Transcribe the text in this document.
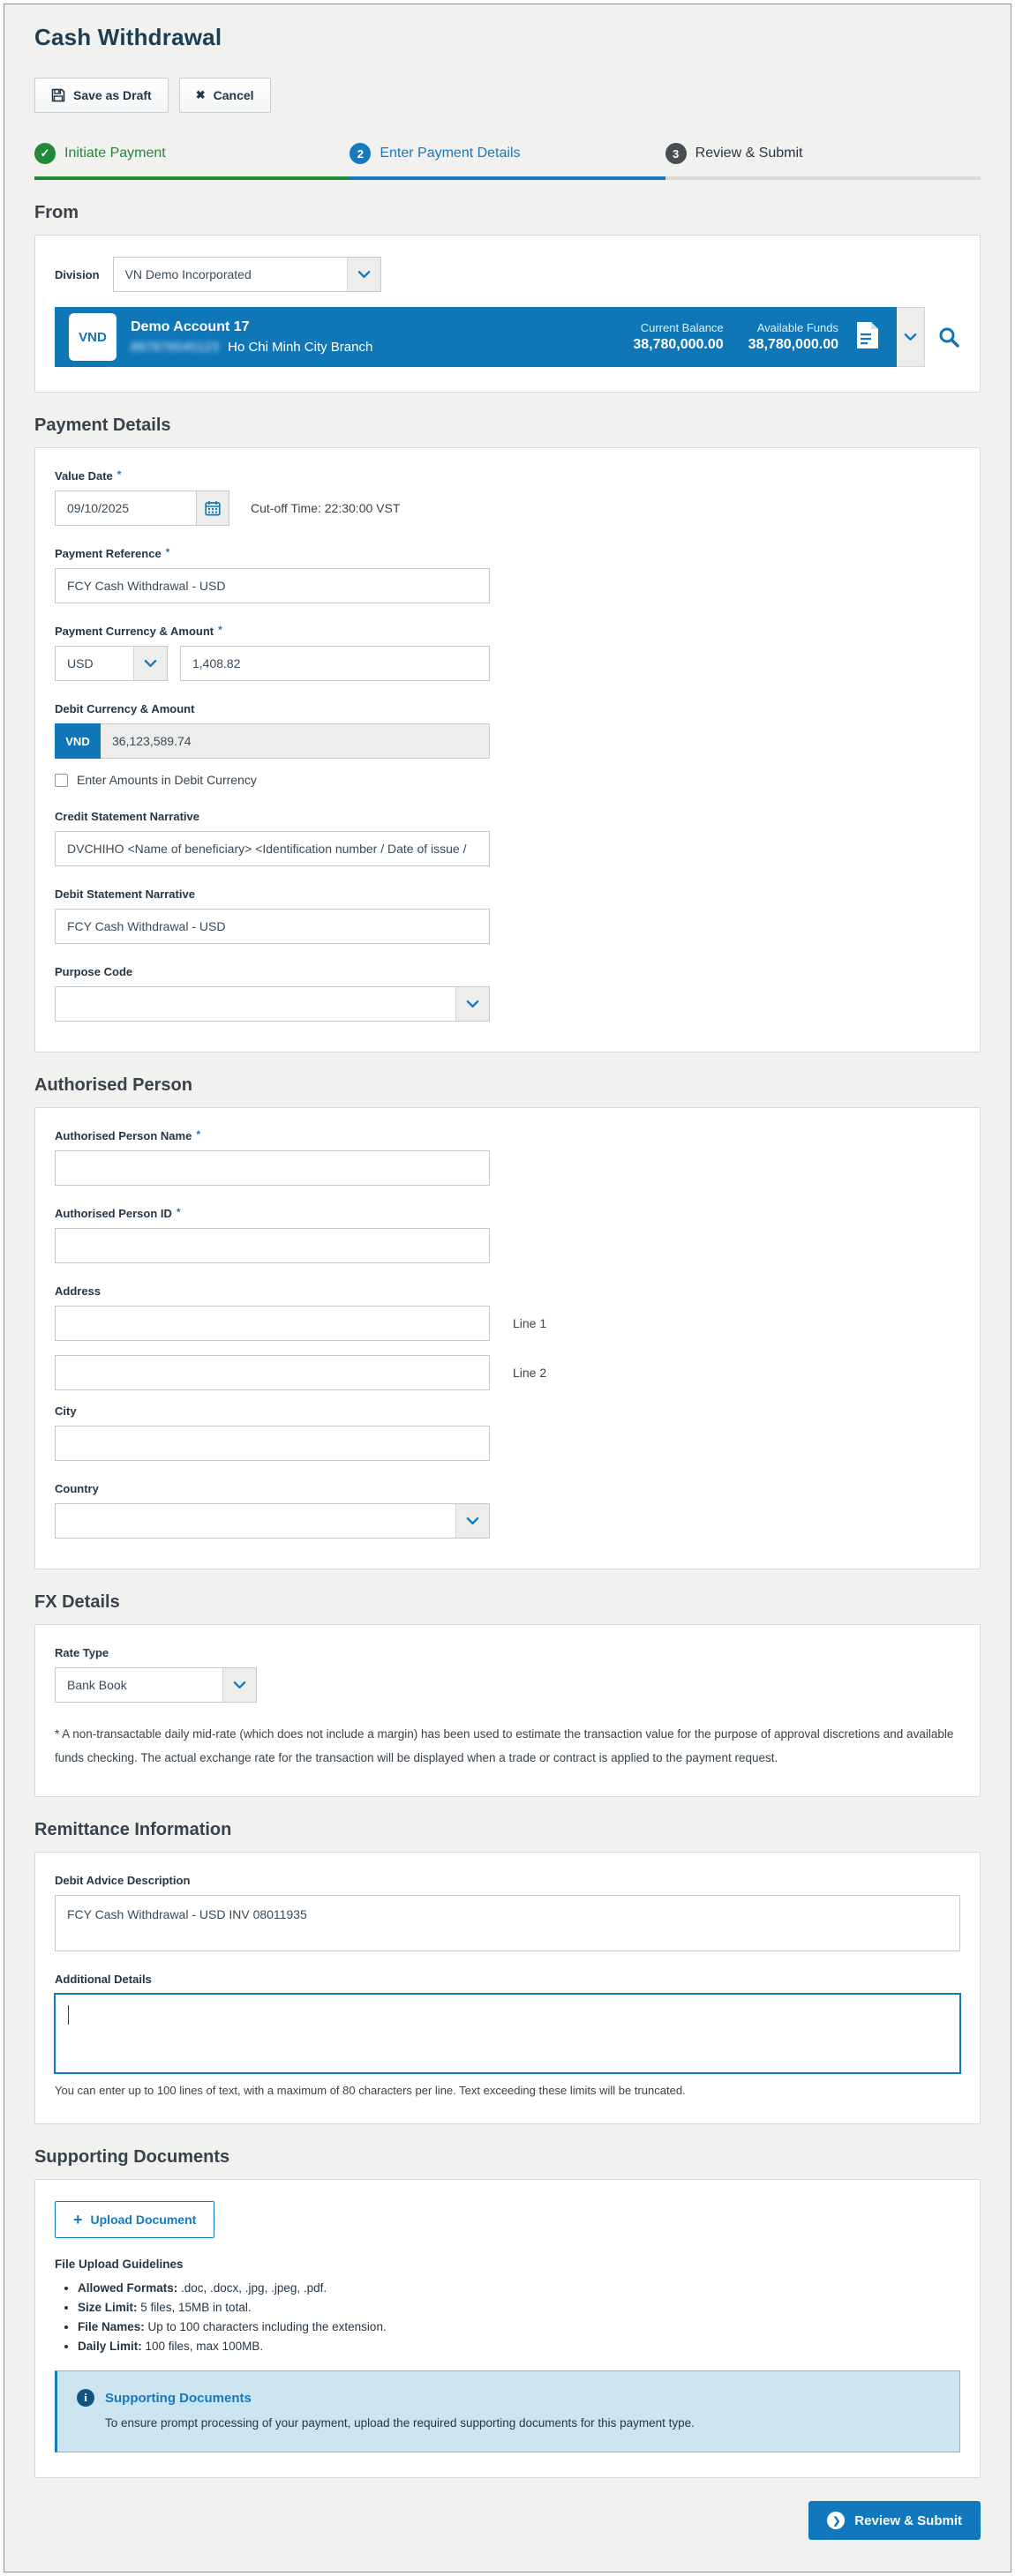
Cash Withdrawal
Save as Draft	✖ Cancel
✓	Initiate Payment	2	Enter Payment Details	3	Review & Submit
From
Division	VN Demo Incorporated
VND
Demo Account 17
887876545123 Ho Chi Minh City Branch
Current Balance
38,780,000.00
Available Funds
38,780,000.00
Payment Details
Value Date *
09/10/2025	Cut-off Time: 22:30:00 VST
Payment Reference *
FCY Cash Withdrawal - USD
Payment Currency & Amount *
USD	1,408.82
Debit Currency & Amount
VND	36,123,589.74
Enter Amounts in Debit Currency
Credit Statement Narrative
DVCHIHO <Name of beneficiary> <Identification number / Date of issue /
Debit Statement Narrative
FCY Cash Withdrawal - USD
Purpose Code
Authorised Person
Authorised Person Name *
Authorised Person ID *
Address
Line 1
Line 2
City
Country
FX Details
Rate Type
Bank Book

* A non-transactable daily mid-rate (which does not include a margin) has been used to estimate the transaction value for the purpose of approval discretions and available funds checking. The actual exchange rate for the transaction will be displayed when a trade or contract is applied to the payment request.

Remittance Information
Debit Advice Description
FCY Cash Withdrawal - USD INV 08011935
Additional Details
You can enter up to 100 lines of text, with a maximum of 80 characters per line. Text exceeding these limits will be truncated.
Supporting Documents
+ Upload Document
File Upload Guidelines
• Allowed Formats: .doc, .docx, .jpg, .jpeg, .pdf.
• Size Limit: 5 files, 15MB in total.
• File Names: Up to 100 characters including the extension.
• Daily Limit: 100 files, max 100MB.
i	Supporting Documents
To ensure prompt processing of your payment, upload the required supporting documents for this payment type.
❯	Review & Submit
